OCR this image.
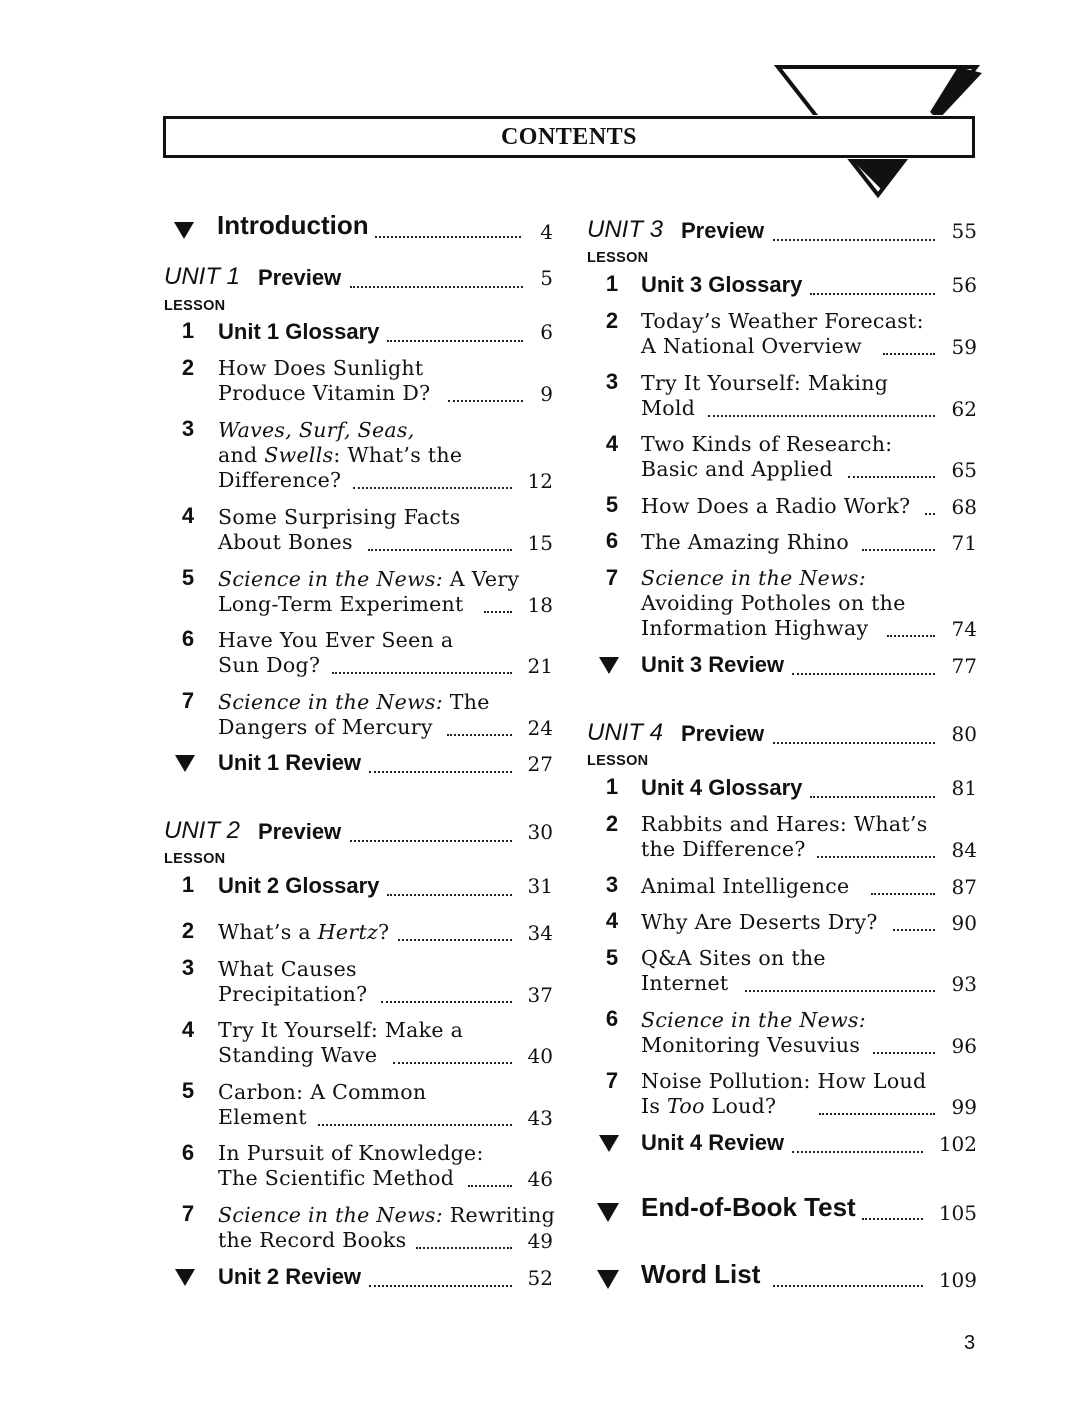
CONTENTS
Introduction	4
UNIT 1 Preview	5
LESSON
1 Unit 1 Glossary	6
2 How Does Sunlight
Produce Vitamin D?	9
3 Waves, Surf, Seas,
and Swells: What’s the
Difference?	12
4 Some Surprising Facts
About Bones	15
5 Science in the News: A Very
Long-Term Experiment	18
6 Have You Ever Seen a
Sun Dog?	21
7 Science in the News: The
Dangers of Mercury	24
Unit 1 Review	27
UNIT 2 Preview	30
LESSON
1 Unit 2 Glossary	31
2 What’s a Hertz?	34
3 What Causes
Precipitation?	37
4 Try It Yourself: Make a
Standing Wave	40
5 Carbon: A Common
Element	43
6 In Pursuit of Knowledge:
The Scientific Method	46
7 Science in the News: Rewriting
the Record Books	49
Unit 2 Review	52
UNIT 3 Preview	55
LESSON
1 Unit 3 Glossary	56
2 Today’s Weather Forecast:
A National Overview	59
3 Try It Yourself: Making
Mold	62
4 Two Kinds of Research:
Basic and Applied	65
5 How Does a Radio Work?	68
6 The Amazing Rhino	71
7 Science in the News:
Avoiding Potholes on the
Information Highway	74
Unit 3 Review	77
UNIT 4 Preview	80
LESSON
1 Unit 4 Glossary	81
2 Rabbits and Hares: What’s
the Difference?	84
3 Animal Intelligence	87
4 Why Are Deserts Dry?	90
5 Q&A Sites on the
Internet	93
6 Science in the News:
Monitoring Vesuvius	96
7 Noise Pollution: How Loud
Is Too Loud?	99
Unit 4 Review	102
End-of-Book Test	105
Word List	109
3
